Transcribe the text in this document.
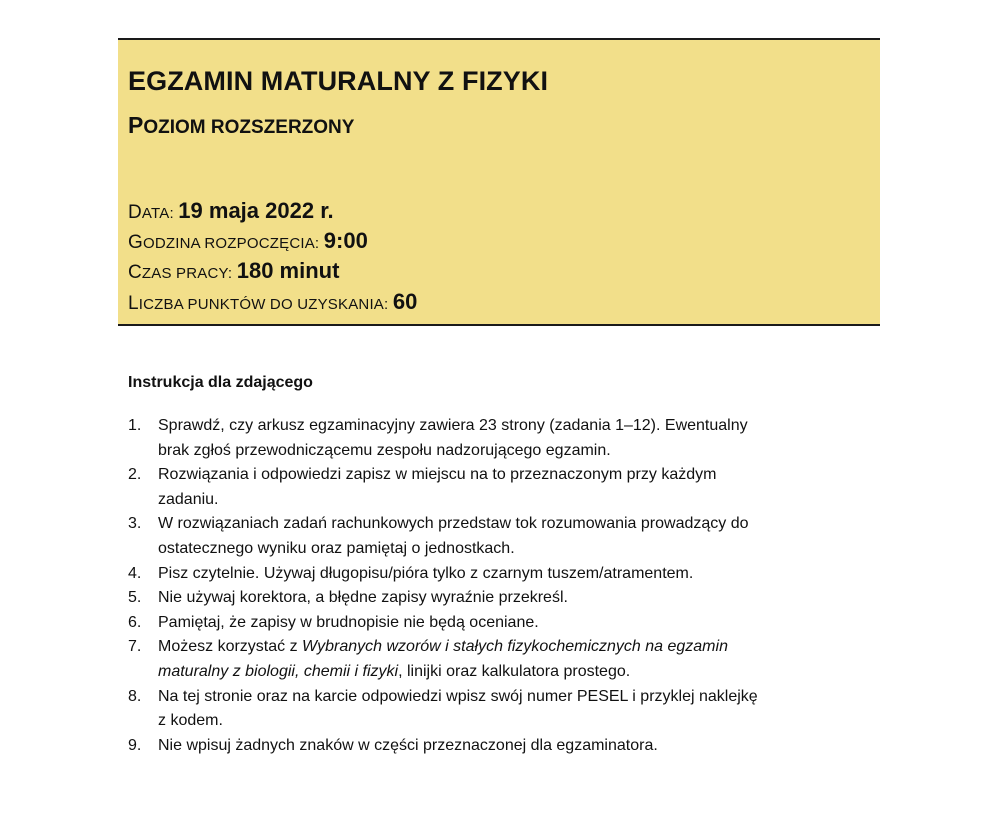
EGZAMIN MATURALNY Z FIZYKI
POZIOM ROZSZERZONY
DATA: 19 maja 2022 r.
GODZINA ROZPOCZĘCIA: 9:00
CZAS PRACY: 180 minut
LICZBA PUNKTÓW DO UZYSKANIA: 60
Instrukcja dla zdającego
1. Sprawdź, czy arkusz egzaminacyjny zawiera 23 strony (zadania 1–12). Ewentualny
brak zgłoś przewodniczącemu zespołu nadzorującego egzamin.
2. Rozwiązania i odpowiedzi zapisz w miejscu na to przeznaczonym przy każdym
zadaniu.
3. W rozwiązaniach zadań rachunkowych przedstaw tok rozumowania prowadzący do
ostatecznego wyniku oraz pamiętaj o jednostkach.
4. Pisz czytelnie. Używaj długopisu/pióra tylko z czarnym tuszem/atramentem.
5. Nie używaj korektora, a błędne zapisy wyraźnie przekreśl.
6. Pamiętaj, że zapisy w brudnopisie nie będą oceniane.
7. Możesz korzystać z Wybranych wzorów i stałych fizykochemicznych na egzamin
maturalny z biologii, chemii i fizyki, linijki oraz kalkulatora prostego.
8. Na tej stronie oraz na karcie odpowiedzi wpisz swój numer PESEL i przyklej naklejkę
z kodem.
9. Nie wpisuj żadnych znaków w części przeznaczonej dla egzaminatora.
